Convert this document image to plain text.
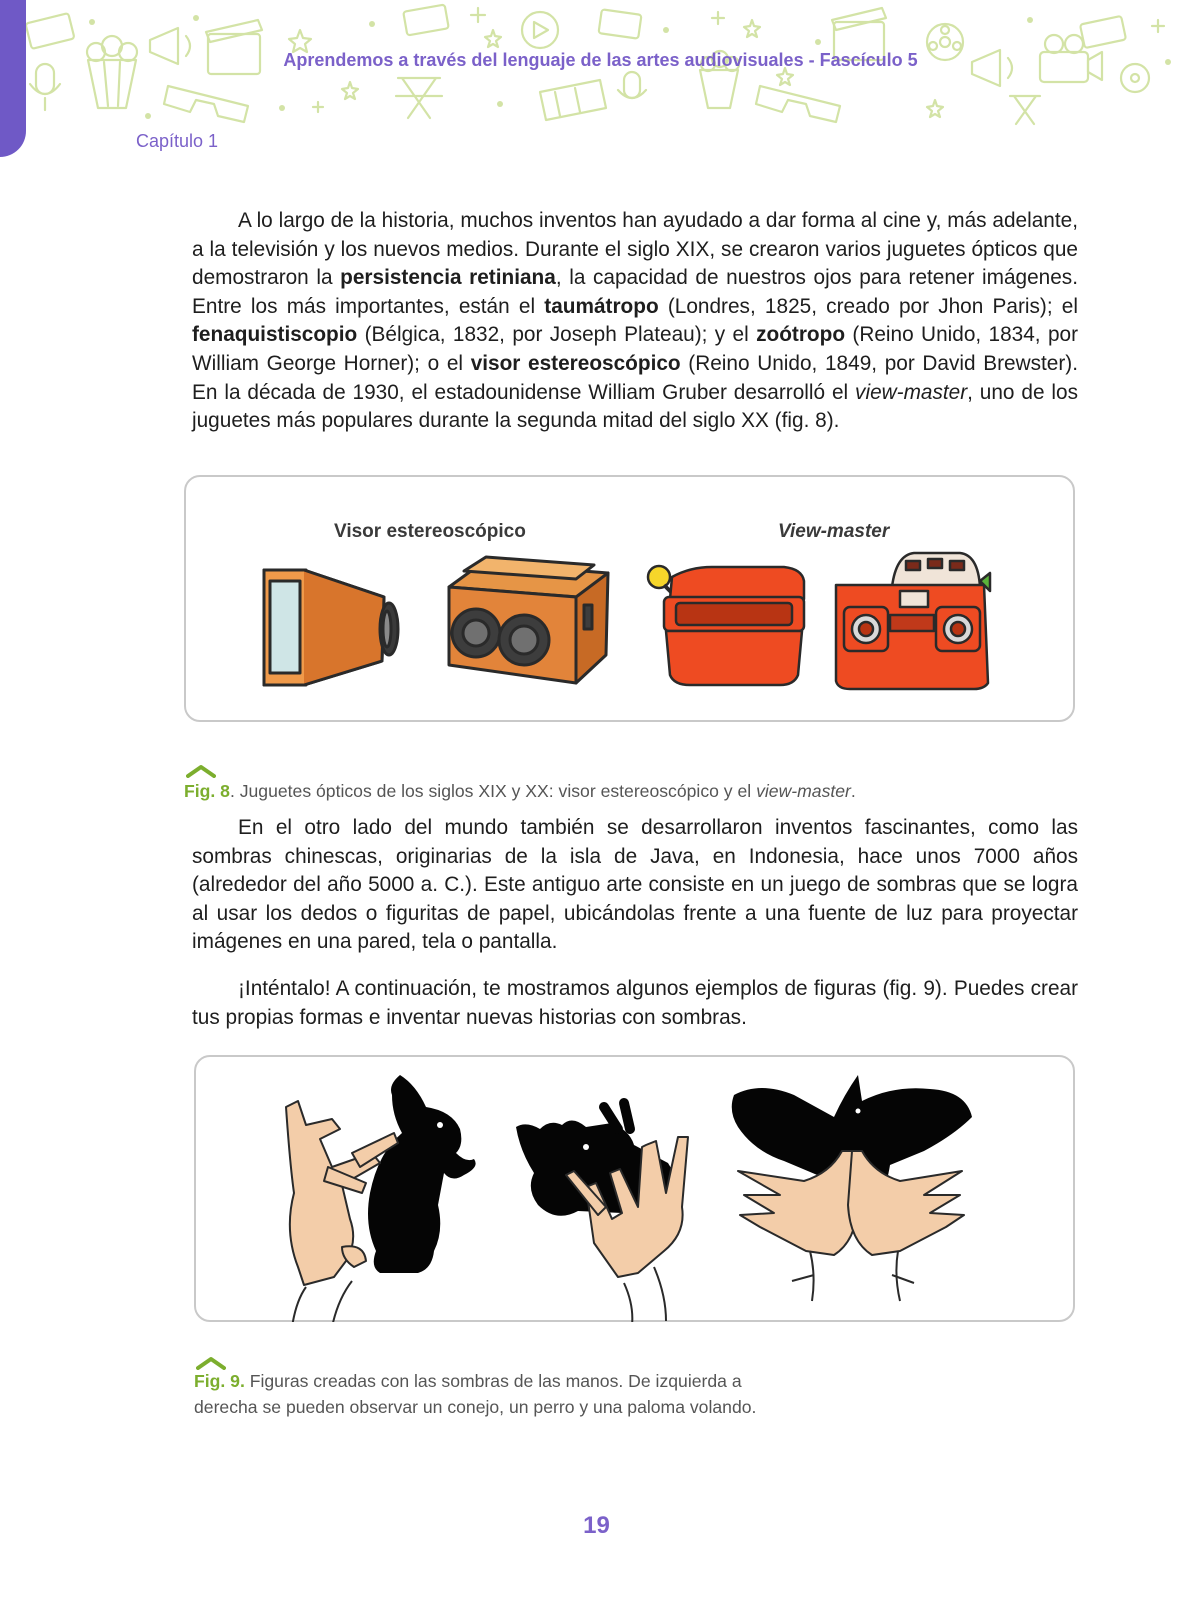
Aprendemos a través del lenguaje de las artes audiovisuales - Fascículo 5
Capítulo 1

A lo largo de la historia, muchos inventos han ayudado a dar forma al cine y, más adelante, a la televisión y los nuevos medios. Durante el siglo XIX, se crearon varios juguetes ópticos que demostraron la persistencia retiniana, la capacidad de nuestros ojos para retener imágenes. Entre los más importantes, están el taumátropo (Londres, 1825, creado por Jhon Paris); el fenaquistiscopio (Bélgica, 1832, por Joseph Plateau); y el zoótropo (Reino Unido, 1834, por William George Horner); o el visor estereoscópico (Reino Unido, 1849, por David Brewster). En la década de 1930, el estadounidense William Gruber desarrolló el view-master, uno de los juguetes más populares durante la segunda mitad del siglo XX (fig. 8).

Visor estereoscópico	View-master

Fig. 8. Juguetes ópticos de los siglos XIX y XX: visor estereoscópico y el view-master.

En el otro lado del mundo también se desarrollaron inventos fascinantes, como las sombras chinescas, originarias de la isla de Java, en Indonesia, hace unos 7000 años (alrededor del año 5000 a. C.). Este antiguo arte consiste en un juego de sombras que se logra al usar los dedos o figuritas de papel, ubicándolas frente a una fuente de luz para proyectar imágenes en una pared, tela o pantalla.

¡Inténtalo! A continuación, te mostramos algunos ejemplos de figuras (fig. 9). Puedes crear tus propias formas e inventar nuevas historias con sombras.

Fig. 9. Figuras creadas con las sombras de las manos. De izquierda a
derecha se pueden observar un conejo, un perro y una paloma volando.

19
